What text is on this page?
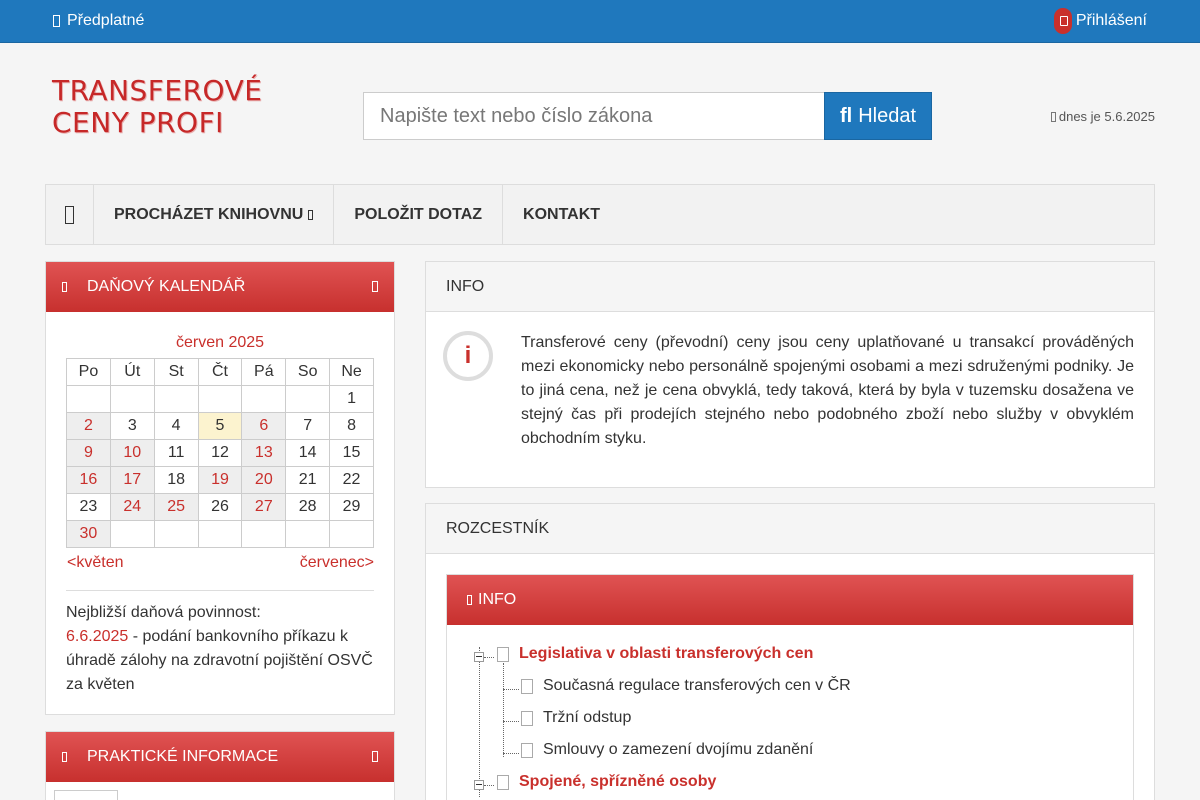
Předplatné	Přihlášení
TRANSFEROVÉ
CENY PROFI
Napište text nebo číslo zákona	fl Hledat	dnes je 5.6.2025
PROCHÁZET KNIHOVNU	POLOŽIT DOTAZ	KONTAKT
DAŇOVÝ KALENDÁŘ
červen 2025
Po	Út	St	Čt	Pá	So	Ne
						1
2	3	4	5	6	7	8
9	10	11	12	13	14	15
16	17	18	19	20	21	22
23	24	25	26	27	28	29
30						
<květen	červenec>
Nejbližší daňová povinnost:
6.6.2025 - podání bankovního příkazu k úhradě zálohy na zdravotní pojištění OSVČ za květen
PRAKTICKÉ INFORMACE
INFO
i	Transferové ceny (převodní) ceny jsou ceny uplatňované u transakcí prováděných mezi ekonomicky nebo personálně spojenými osobami a mezi sdruženými podniky. Je to jiná cena, než je cena obvyklá, tedy taková, která by byla v tuzemsku dosažena ve stejný čas při prodejích stejného nebo podobného zboží nebo služby v obvyklém obchodním styku.
ROZCESTNÍK
INFO
Legislativa v oblasti transferových cen
Současná regulace transferových cen v ČR
Tržní odstup
Smlouvy o zamezení dvojímu zdanění
Spojené, spřízněné osoby
